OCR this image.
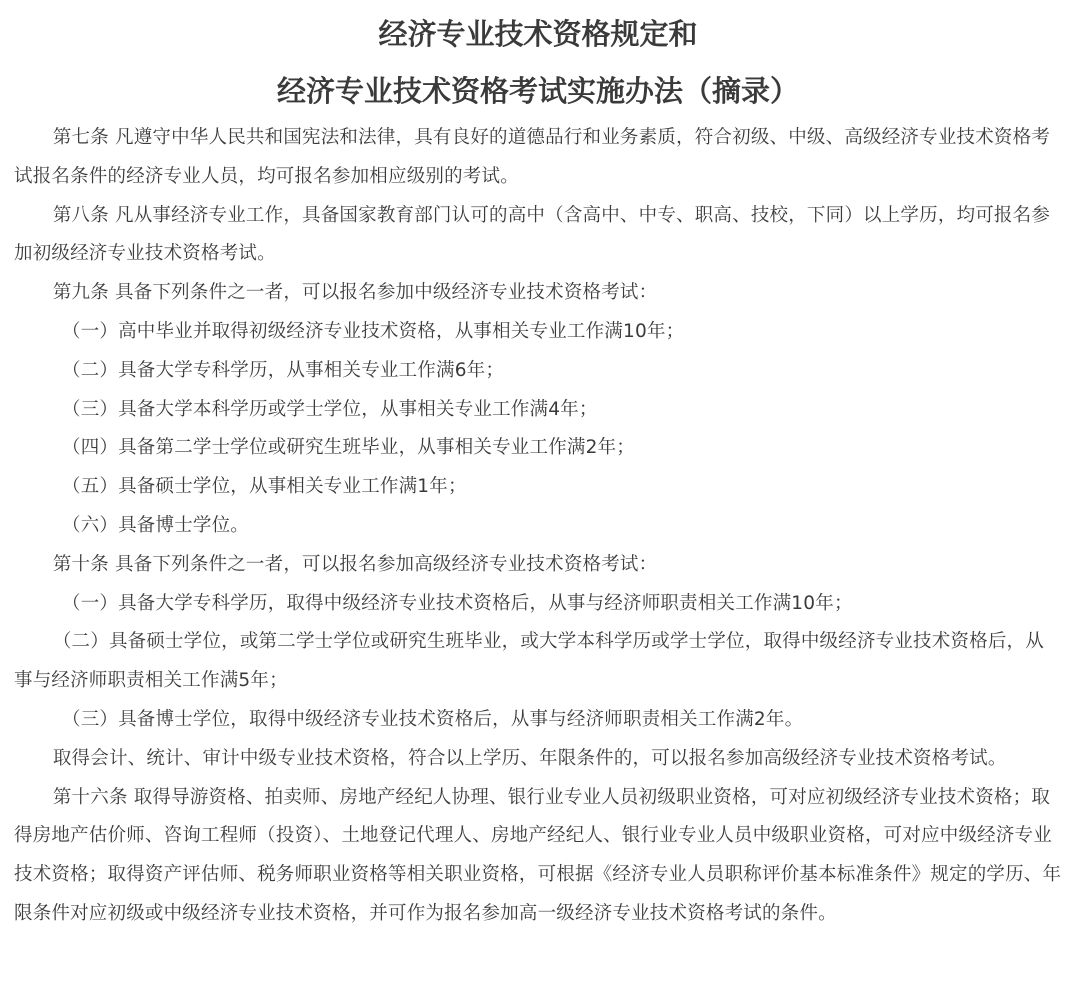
经济专业技术资格规定和
经济专业技术资格考试实施办法（摘录）

第七条 凡遵守中华人民共和国宪法和法律，具有良好的道德品行和业务素质，符合初级、中级、高级经济专业技术资格考试报名条件的经济专业人员，均可报名参加相应级别的考试。

第八条 凡从事经济专业工作，具备国家教育部门认可的高中（含高中、中专、职高、技校，下同）以上学历，均可报名参加初级经济专业技术资格考试。

第九条 具备下列条件之一者，可以报名参加中级经济专业技术资格考试：

（一）高中毕业并取得初级经济专业技术资格，从事相关专业工作满10年；

（二）具备大学专科学历，从事相关专业工作满6年；

（三）具备大学本科学历或学士学位，从事相关专业工作满4年；

（四）具备第二学士学位或研究生班毕业，从事相关专业工作满2年；

（五）具备硕士学位，从事相关专业工作满1年；

（六）具备博士学位。

第十条 具备下列条件之一者，可以报名参加高级经济专业技术资格考试：

（一）具备大学专科学历，取得中级经济专业技术资格后，从事与经济师职责相关工作满10年；

（二）具备硕士学位，或第二学士学位或研究生班毕业，或大学本科学历或学士学位，取得中级经济专业技术资格后，从事与经济师职责相关工作满5年；

（三）具备博士学位，取得中级经济专业技术资格后，从事与经济师职责相关工作满2年。

取得会计、统计、审计中级专业技术资格，符合以上学历、年限条件的，可以报名参加高级经济专业技术资格考试。

第十六条 取得导游资格、拍卖师、房地产经纪人协理、银行业专业人员初级职业资格，可对应初级经济专业技术资格；取得房地产估价师、咨询工程师（投资）、土地登记代理人、房地产经纪人、银行业专业人员中级职业资格，可对应中级经济专业技术资格；取得资产评估师、税务师职业资格等相关职业资格，可根据《经济专业人员职称评价基本标准条件》规定的学历、年限条件对应初级或中级经济专业技术资格，并可作为报名参加高一级经济专业技术资格考试的条件。
